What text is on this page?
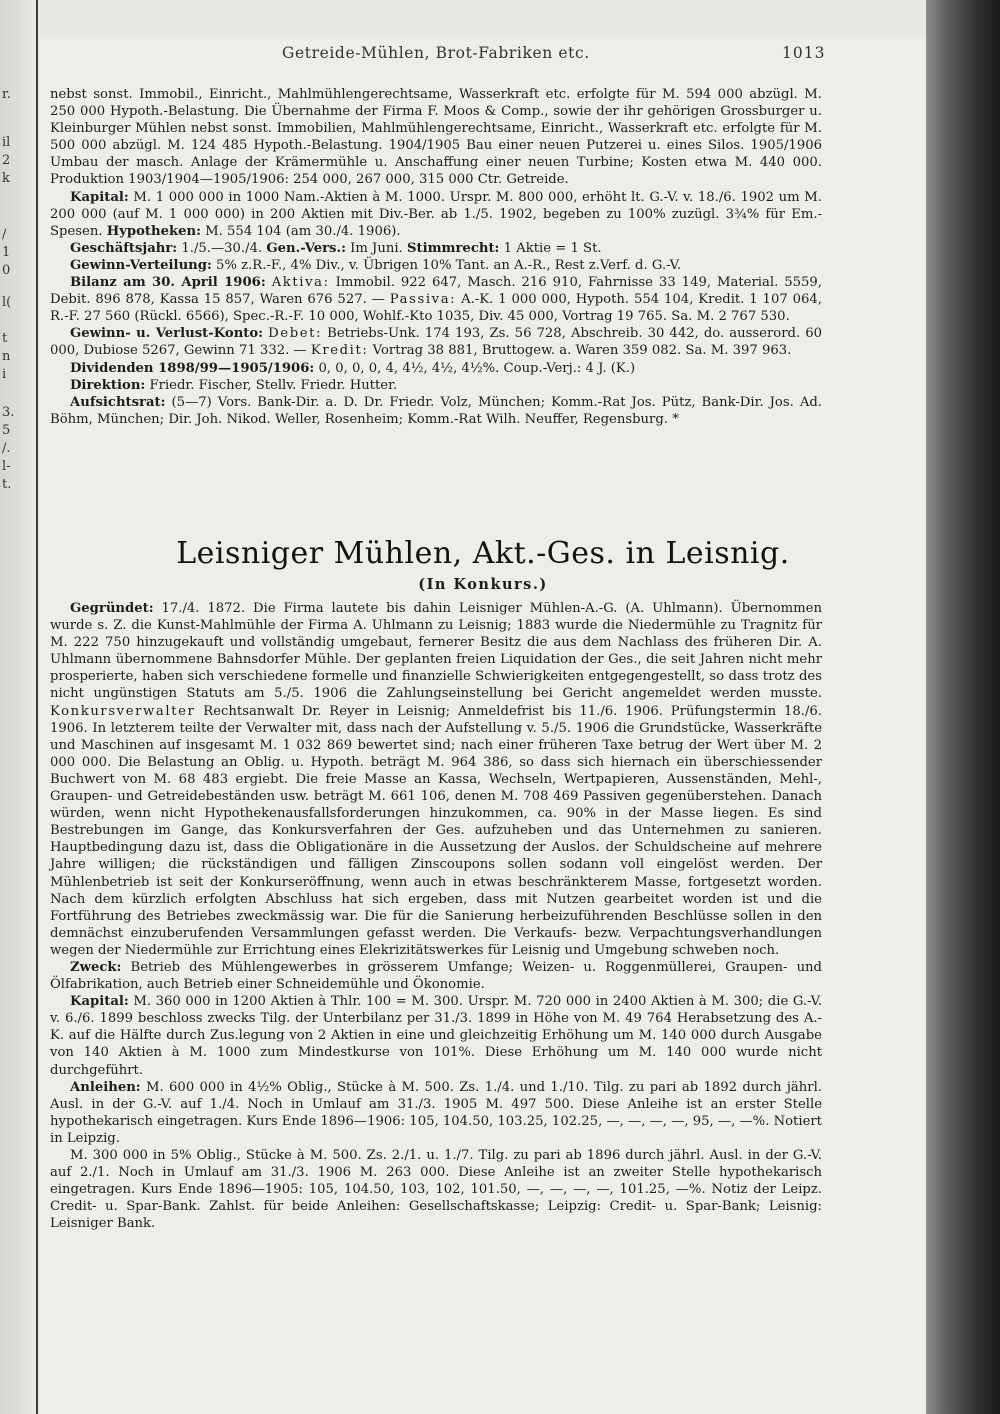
r.
il
2
k
/
1
0
l(
t
n
i
3.
5
/.
l-
t.
Getreide-Mühlen, Brot-Fabriken etc.	1013

nebst sonst. Immobil., Einricht., Mahlmühlengerechtsame, Wasserkraft etc. erfolgte für M. 594 000 abzügl. M. 250 000 Hypoth.-Belastung. Die Übernahme der Firma F. Moos & Comp., sowie der ihr gehörigen Grossburger u. Kleinburger Mühlen nebst sonst. Immobilien, Mahlmühlengerechtsame, Einricht., Wasserkraft etc. erfolgte für M. 500 000 abzügl. M. 124 485 Hypoth.-Belastung. 1904/1905 Bau einer neuen Putzerei u. eines Silos. 1905/1906 Umbau der masch. Anlage der Krämermühle u. Anschaffung einer neuen Turbine; Kosten etwa M. 440 000. Produktion 1903/1904—1905/1906: 254 000, 267 000, 315 000 Ctr. Getreide.

Kapital: M. 1 000 000 in 1000 Nam.-Aktien à M. 1000. Urspr. M. 800 000, erhöht lt. G.-V. v. 18./6. 1902 um M. 200 000 (auf M. 1 000 000) in 200 Aktien mit Div.-Ber. ab 1./5. 1902, begeben zu 100% zuzügl. 3¾% für Em.-Spesen. Hypotheken: M. 554 104 (am 30./4. 1906).

Geschäftsjahr: 1./5.—30./4. Gen.-Vers.: Im Juni. Stimmrecht: 1 Aktie = 1 St.

Gewinn-Verteilung: 5% z.R.-F., 4% Div., v. Übrigen 10% Tant. an A.-R., Rest z.Verf. d. G.-V.

Bilanz am 30. April 1906: Aktiva: Immobil. 922 647, Masch. 216 910, Fahrnisse 33 149, Material. 5559, Debit. 896 878, Kassa 15 857, Waren 676 527. — Passiva: A.-K. 1 000 000, Hypoth. 554 104, Kredit. 1 107 064, R.-F. 27 560 (Rückl. 6566), Spec.-R.-F. 10 000, Wohlf.-Kto 1035, Div. 45 000, Vortrag 19 765. Sa. M. 2 767 530.

Gewinn- u. Verlust-Konto: Debet: Betriebs-Unk. 174 193, Zs. 56 728, Abschreib. 30 442, do. ausserord. 60 000, Dubiose 5267, Gewinn 71 332. — Kredit: Vortrag 38 881, Bruttogew. a. Waren 359 082. Sa. M. 397 963.

Dividenden 1898/99—1905/1906: 0, 0, 0, 0, 4, 4½, 4½, 4½%. Coup.-Verj.: 4 J. (K.)

Direktion: Friedr. Fischer, Stellv. Friedr. Hutter.

Aufsichtsrat: (5—7) Vors. Bank-Dir. a. D. Dr. Friedr. Volz, München; Komm.-Rat Jos. Pütz, Bank-Dir. Jos. Ad. Böhm, München; Dir. Joh. Nikod. Weller, Rosenheim; Komm.-Rat Wilh. Neuffer, Regensburg. *

Leisniger Mühlen, Akt.-Ges. in Leisnig.
(In Konkurs.)

Gegründet: 17./4. 1872. Die Firma lautete bis dahin Leisniger Mühlen-A.-G. (A. Uhlmann). Übernommen wurde s. Z. die Kunst-Mahlmühle der Firma A. Uhlmann zu Leisnig; 1883 wurde die Niedermühle zu Tragnitz für M. 222 750 hinzugekauft und vollständig umgebaut, fernerer Besitz die aus dem Nachlass des früheren Dir. A. Uhlmann übernommene Bahnsdorfer Mühle. Der geplanten freien Liquidation der Ges., die seit Jahren nicht mehr prosperierte, haben sich verschiedene formelle und finanzielle Schwierigkeiten entgegengestellt, so dass trotz des nicht ungünstigen Statuts am 5./5. 1906 die Zahlungseinstellung bei Gericht angemeldet werden musste. Konkursverwalter Rechtsanwalt Dr. Reyer in Leisnig; Anmeldefrist bis 11./6. 1906. Prüfungstermin 18./6. 1906. In letzterem teilte der Verwalter mit, dass nach der Aufstellung v. 5./5. 1906 die Grundstücke, Wasserkräfte und Maschinen auf insgesamt M. 1 032 869 bewertet sind; nach einer früheren Taxe betrug der Wert über M. 2 000 000. Die Belastung an Oblig. u. Hypoth. beträgt M. 964 386, so dass sich hiernach ein überschiessender Buchwert von M. 68 483 ergiebt. Die freie Masse an Kassa, Wechseln, Wertpapieren, Aussenständen, Mehl-, Graupen- und Getreidebeständen usw. beträgt M. 661 106, denen M. 708 469 Passiven gegenüberstehen. Danach würden, wenn nicht Hypothekenausfallsforderungen hinzukommen, ca. 90% in der Masse liegen. Es sind Bestrebungen im Gange, das Konkursverfahren der Ges. aufzuheben und das Unternehmen zu sanieren. Hauptbedingung dazu ist, dass die Obligationäre in die Aussetzung der Auslos. der Schuldscheine auf mehrere Jahre willigen; die rückständigen und fälligen Zinscoupons sollen sodann voll eingelöst werden. Der Mühlenbetrieb ist seit der Konkurseröffnung, wenn auch in etwas beschränkterem Masse, fortgesetzt worden. Nach dem kürzlich erfolgten Abschluss hat sich ergeben, dass mit Nutzen gearbeitet worden ist und die Fortführung des Betriebes zweckmässig war. Die für die Sanierung herbeizuführenden Beschlüsse sollen in den demnächst einzuberufenden Versammlungen gefasst werden. Die Verkaufs- bezw. Verpachtungsverhandlungen wegen der Niedermühle zur Errichtung eines Elekrizitätswerkes für Leisnig und Umgebung schweben noch.

Zweck: Betrieb des Mühlengewerbes in grösserem Umfange; Weizen- u. Roggenmüllerei, Graupen- und Ölfabrikation, auch Betrieb einer Schneidemühle und Ökonomie.

Kapital: M. 360 000 in 1200 Aktien à Thlr. 100 = M. 300. Urspr. M. 720 000 in 2400 Aktien à M. 300; die G.-V. v. 6./6. 1899 beschloss zwecks Tilg. der Unterbilanz per 31./3. 1899 in Höhe von M. 49 764 Herabsetzung des A.-K. auf die Hälfte durch Zus.legung von 2 Aktien in eine und gleichzeitig Erhöhung um M. 140 000 durch Ausgabe von 140 Aktien à M. 1000 zum Mindestkurse von 101%. Diese Erhöhung um M. 140 000 wurde nicht durchgeführt.

Anleihen: M. 600 000 in 4½% Oblig., Stücke à M. 500. Zs. 1./4. und 1./10. Tilg. zu pari ab 1892 durch jährl. Ausl. in der G.-V. auf 1./4. Noch in Umlauf am 31./3. 1905 M. 497 500. Diese Anleihe ist an erster Stelle hypothekarisch eingetragen. Kurs Ende 1896—1906: 105, 104.50, 103.25, 102.25, —, —, —, —, 95, —, —%. Notiert in Leipzig.

M. 300 000 in 5% Oblig., Stücke à M. 500. Zs. 2./1. u. 1./7. Tilg. zu pari ab 1896 durch jährl. Ausl. in der G.-V. auf 2./1. Noch in Umlauf am 31./3. 1906 M. 263 000. Diese Anleihe ist an zweiter Stelle hypothekarisch eingetragen. Kurs Ende 1896—1905: 105, 104.50, 103, 102, 101.50, —, —, —, —, 101.25, —%. Notiz der Leipz. Credit- u. Spar-Bank. Zahlst. für beide Anleihen: Gesellschaftskasse; Leipzig: Credit- u. Spar-Bank; Leisnig: Leisniger Bank.
